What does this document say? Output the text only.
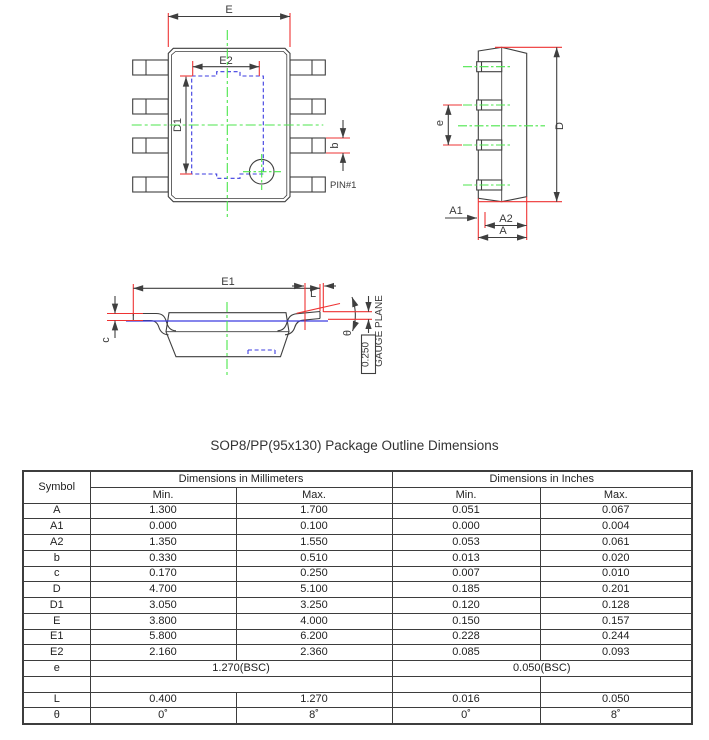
E
E2
D1
PIN#1
b
e	D
A1
A2
A
E1
c
L
θ
0.250 GAUGE PLANE
SOP8/PP(95x130) Package Outline Dimensions
Symbol	Dimensions in Millimeters		Dimensions in Inches	
	Min.	Max.	Min.	Max.
A	1.300	1.700	0.051	0.067
A1	0.000	0.100	0.000	0.004
A2	1.350	1.550	0.053	0.061
b	0.330	0.510	0.013	0.020
c	0.170	0.250	0.007	0.010
D	4.700	5.100	0.185	0.201
D1	3.050	3.250	0.120	0.128
E	3.800	4.000	0.150	0.157
E1	5.800	6.200	0.228	0.244
E2	2.160	2.360	0.085	0.093
e	1.270(BSC)		0.050(BSC)	

L	0.400	1.270	0.016	0.050
θ	0˚	8˚	0˚	8˚
